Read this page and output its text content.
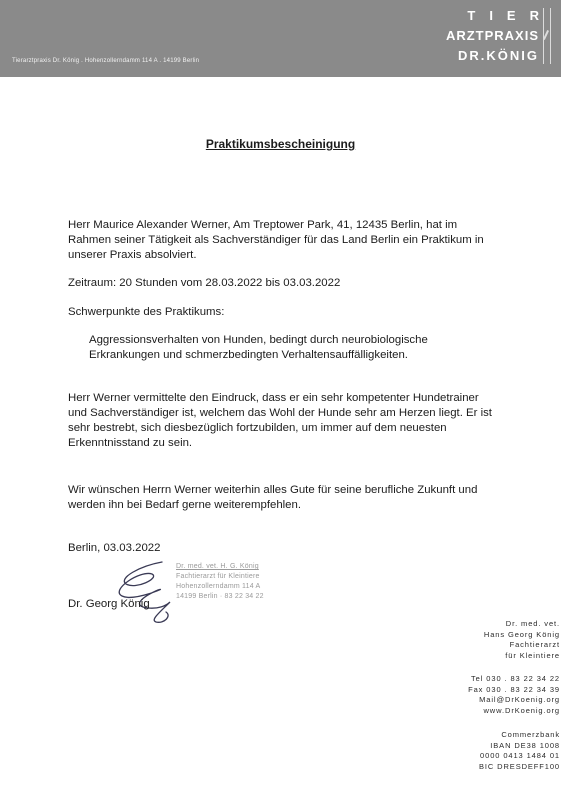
Tierarztpraxis Dr. König . Hohenzollerndamm 114 A . 14199 Berlin
TIER
ARZTPRAXIS
DR.KÖNIG
Praktikumsbescheinigung
Herr Maurice Alexander Werner, Am Treptower Park, 41, 12435 Berlin, hat im Rahmen seiner Tätigkeit als Sachverständiger für das Land Berlin ein Praktikum in unserer Praxis absolviert.
Zeitraum: 20 Stunden vom 28.03.2022 bis 03.03.2022
Schwerpunkte des Praktikums:
Aggressionsverhalten von Hunden, bedingt durch neurobiologische Erkrankungen und schmerzbedingten Verhaltensauffälligkeiten.
Herr Werner vermittelte den Eindruck, dass er ein sehr kompetenter Hundetrainer und Sachverständiger ist, welchem das Wohl der Hunde sehr am Herzen liegt. Er ist sehr bestrebt, sich diesbezüglich fortzubilden, um immer auf dem neuesten Erkenntnisstand zu sein.
Wir wünschen Herrn Werner weiterhin alles Gute für seine berufliche Zukunft und werden ihn bei Bedarf gerne weiterempfehlen.
Berlin, 03.03.2022
Dr. med. vet. H. G. König
Fachtierarzt für Kleintiere
Hohenzollerndamm 114 A
14199 Berlin · 83 22 34 22
Dr. Georg König
Dr. med. vet.
Hans Georg König
Fachtierarzt
für Kleintiere
Tel 030 . 83 22 34 22
Fax 030 . 83 22 34 39
Mail@DrKoenig.org
www.DrKoenig.org
Commerzbank
IBAN DE38 1008
0000 0413 1484 01
BIC DRESDEFF100
